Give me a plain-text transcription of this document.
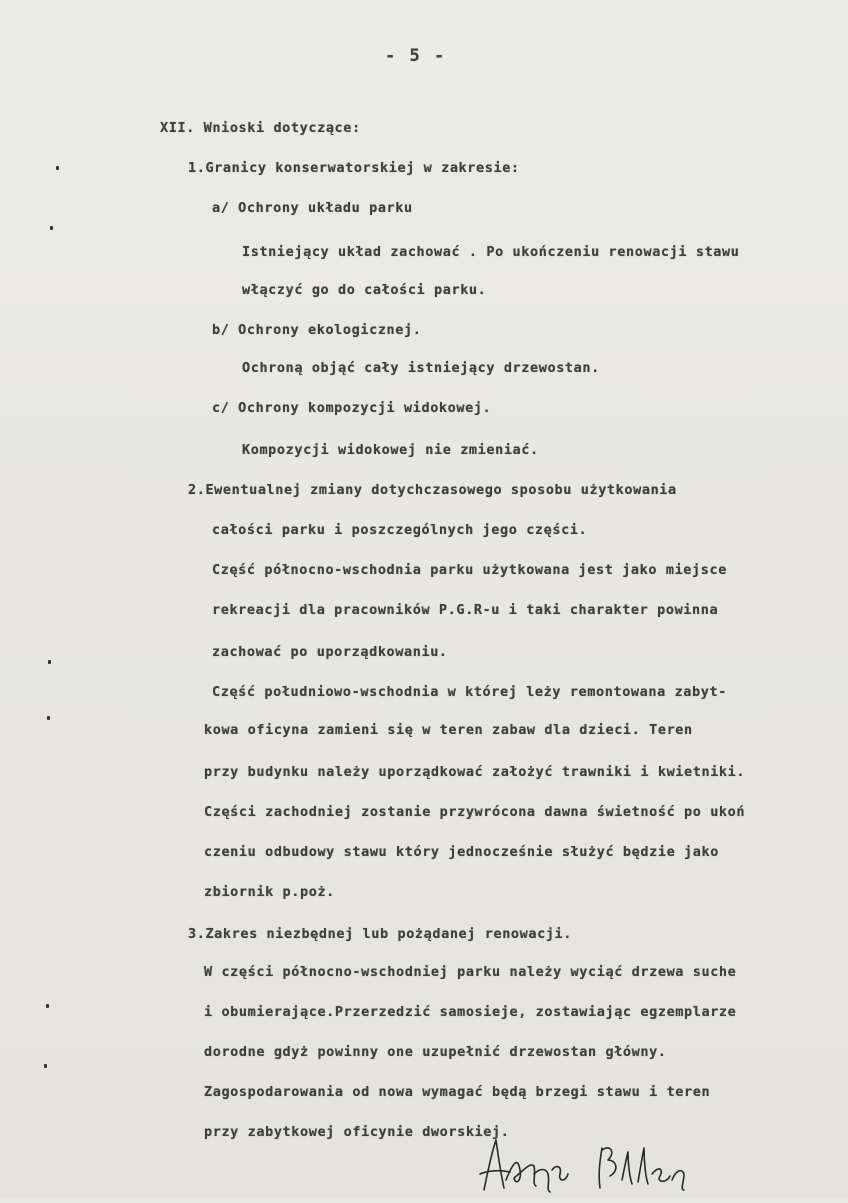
- 5 -
XII. Wnioski dotyczące:
1.Granicy konserwatorskiej w zakresie:
a/ Ochrony układu parku
Istniejący układ zachować . Po ukończeniu renowacji stawu
włączyć go do całości parku.
b/ Ochrony ekologicznej.
Ochroną objąć cały istniejący drzewostan.
c/ Ochrony kompozycji widokowej.
Kompozycji widokowej nie zmieniać.
2.Ewentualnej zmiany dotychczasowego sposobu użytkowania
całości parku i poszczególnych jego części.
Część północno-wschodnia parku użytkowana jest jako miejsce
rekreacji dla pracowników P.G.R-u i taki charakter powinna
zachować po uporządkowaniu.
Część południowo-wschodnia w której leży remontowana zabyt-
kowa oficyna zamieni się w teren zabaw dla dzieci. Teren
przy budynku należy uporządkować założyć trawniki i kwietniki.
Części zachodniej zostanie przywrócona dawna świetność po ukoń
czeniu odbudowy stawu który jednocześnie służyć będzie jako
zbiornik p.poż.
3.Zakres niezbędnej lub pożądanej renowacji.
W części północno-wschodniej parku należy wyciąć drzewa suche
i obumierające.Przerzedzić samosieje, zostawiając egzemplarze
dorodne gdyż powinny one uzupełnić drzewostan główny.
Zagospodarowania od nowa wymagać będą brzegi stawu i teren
przy zabytkowej oficynie dworskiej.
